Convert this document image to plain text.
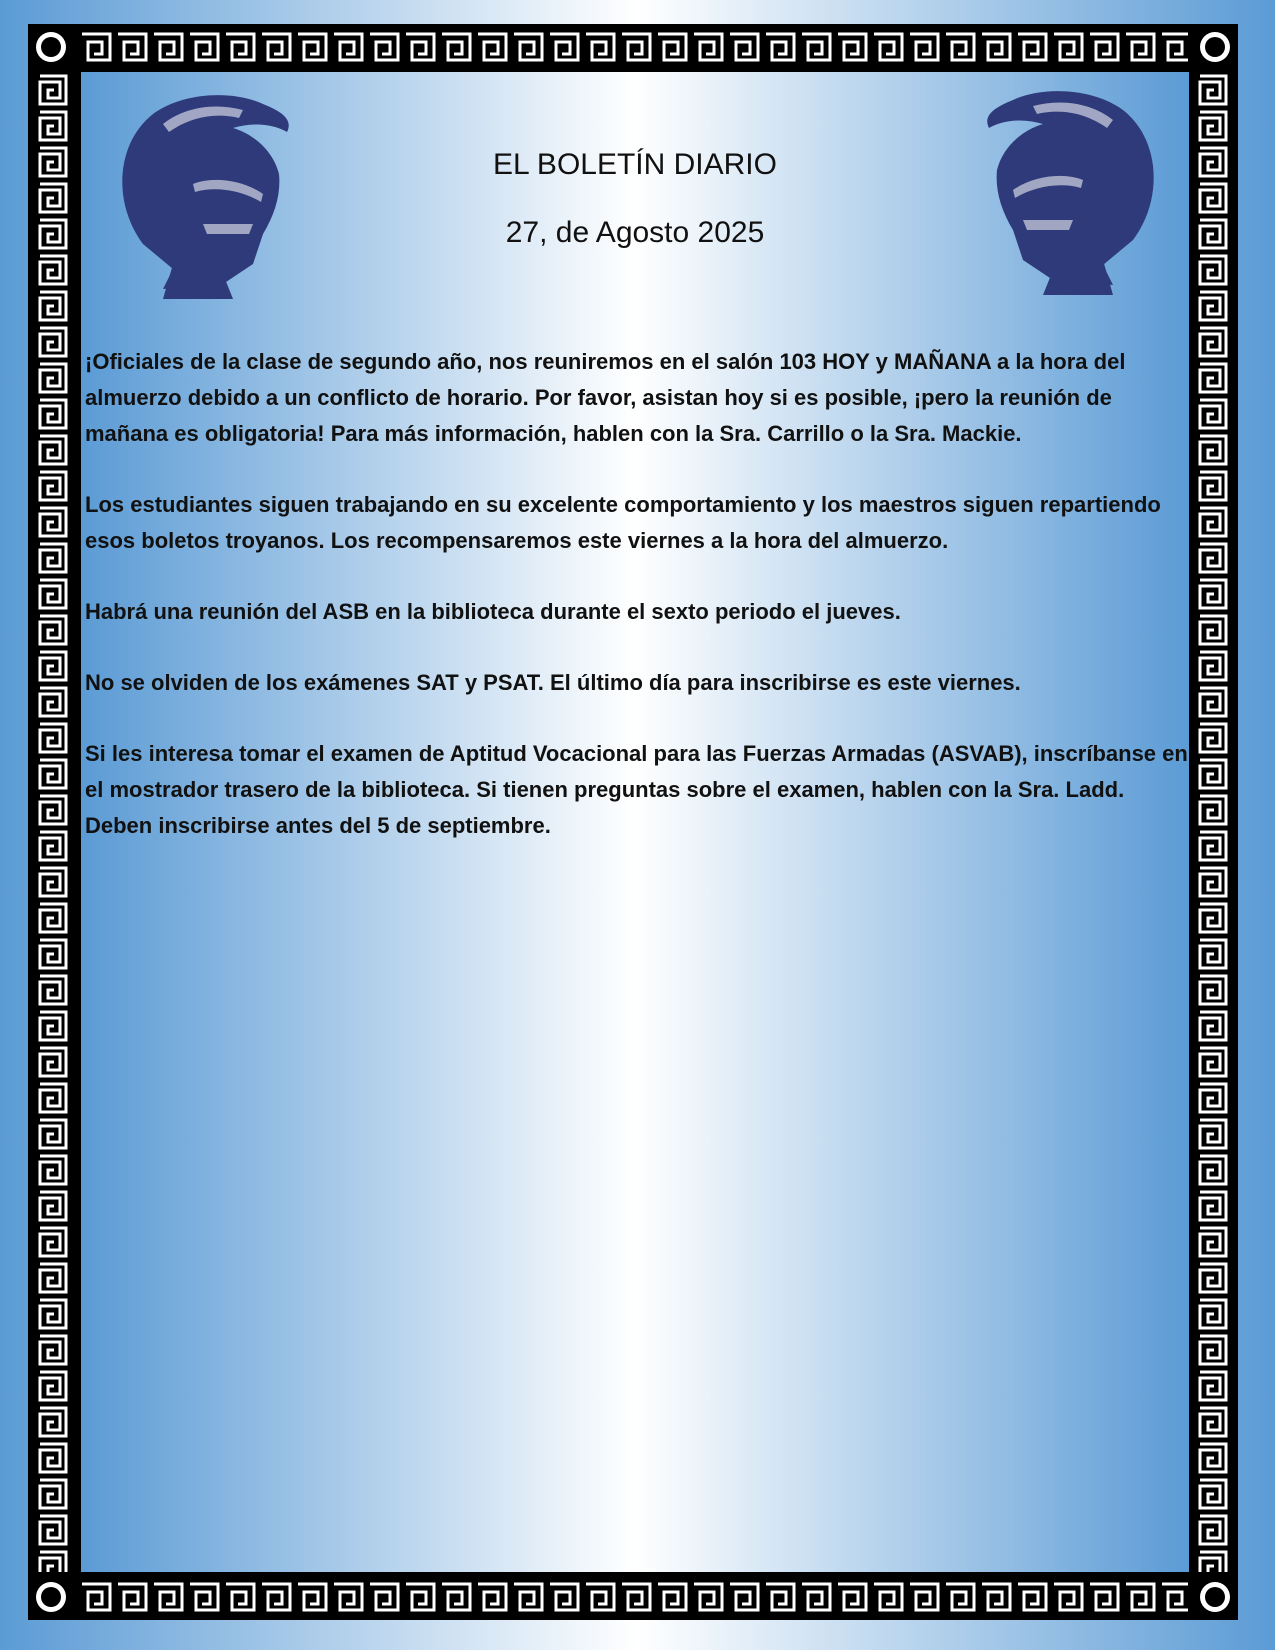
EL BOLETÍN DIARIO
27, de Agosto 2025

¡Oficiales de la clase de segundo año, nos reuniremos en el salón 103 HOY y MAÑANA a la hora del almuerzo debido a un conflicto de horario. Por favor, asistan hoy si es posible, ¡pero la reunión de mañana es obligatoria! Para más información, hablen con la Sra. Carrillo o la Sra. Mackie.

Los estudiantes siguen trabajando en su excelente comportamiento y los maestros siguen repartiendo esos boletos troyanos. Los recompensaremos este viernes a la hora del almuerzo.

Habrá una reunión del ASB en la biblioteca durante el sexto periodo el jueves.

No se olviden de los exámenes SAT y PSAT. El último día para inscribirse es este viernes.

Si les interesa tomar el examen de Aptitud Vocacional para las Fuerzas Armadas (ASVAB), inscríbanse en el mostrador trasero de la biblioteca. Si tienen preguntas sobre el examen, hablen con la Sra. Ladd. Deben inscribirse antes del 5 de septiembre.
